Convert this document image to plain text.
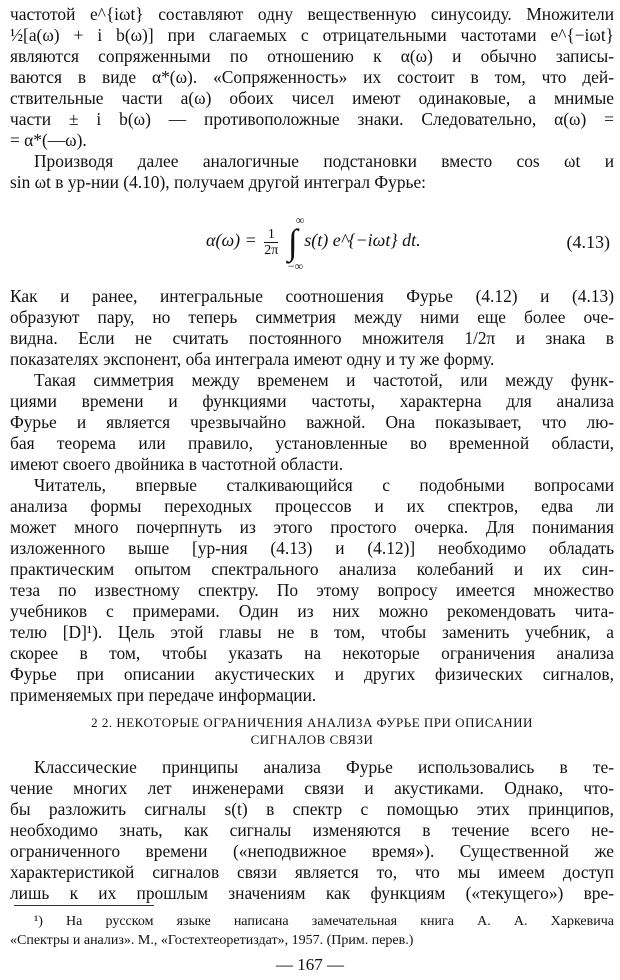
частотой e^{iωt} составляют одну вещественную синусоиду. Множители
½[a(ω) + i b(ω)] при слагаемых с отрицательными частотами e^{−iωt}
являются сопряженными по отношению к α(ω) и обычно записы-
ваются в виде α*(ω). «Сопряженность» их состоит в том, что дей-
ствительные части a(ω) обоих чисел имеют одинаковые, а мнимые
части ± i b(ω) — противоположные знаки. Следовательно, α(ω) =
= α*(—ω).
Производя далее аналогичные подстановки вместо cos ωt и
sin ωt в ур-нии (4.10), получаем другой интеграл Фурье:
$\alpha(\omega) = \frac{1}{2\pi}$ ∫
∞
−∞
s(t) e^{−iωt} dt.	(4.13)
Как и ранее, интегральные соотношения Фурье (4.12) и (4.13)
образуют пару, но теперь симметрия между ними еще более оче-
видна. Если не считать постоянного множителя 1/2π и знака в
показателях экспонент, оба интеграла имеют одну и ту же форму.
Такая симметрия между временем и частотой, или между функ-
циями времени и функциями частоты, характерна для анализа
Фурье и является чрезвычайно важной. Она показывает, что лю-
бая теорема или правило, установленные во временной области,
имеют своего двойника в частотной области.
Читатель, впервые сталкивающийся с подобными вопросами
анализа формы переходных процессов и их спектров, едва ли
может много почерпнуть из этого простого очерка. Для понимания
изложенного выше [ур-ния (4.13) и (4.12)] необходимо обладать
практическим опытом спектрального анализа колебаний и их син-
теза по известному спектру. По этому вопросу имеется множество
учебников с примерами. Один из них можно рекомендовать чита-
телю [D]¹). Цель этой главы не в том, чтобы заменить учебник, а
скорее в том, чтобы указать на некоторые ограничения анализа
Фурье при описании акустических и других физических сигналов,
применяемых при передаче информации.
2 2. НЕКОТОРЫЕ ОГРАНИЧЕНИЯ АНАЛИЗА ФУРЬЕ ПРИ ОПИСАНИИ
СИГНАЛОВ СВЯЗИ
Классические принципы анализа Фурье использовались в те-
чение многих лет инженерами связи и акустиками. Однако, что-
бы разложить сигналы s(t) в спектр с помощью этих принципов,
необходимо знать, как сигналы изменяются в течение всего не-
ограниченного времени («неподвижное время»). Существенной же
характеристикой сигналов связи является то, что мы имеем доступ
лишь к их прошлым значениям как функциям («текущего») вре-
¹) На русском языке написана замечательная книга А. А. Харкевича
«Спектры и анализ». М., «Гостехтеоретиздат», 1957. (Прим. перев.)
— 167 —
